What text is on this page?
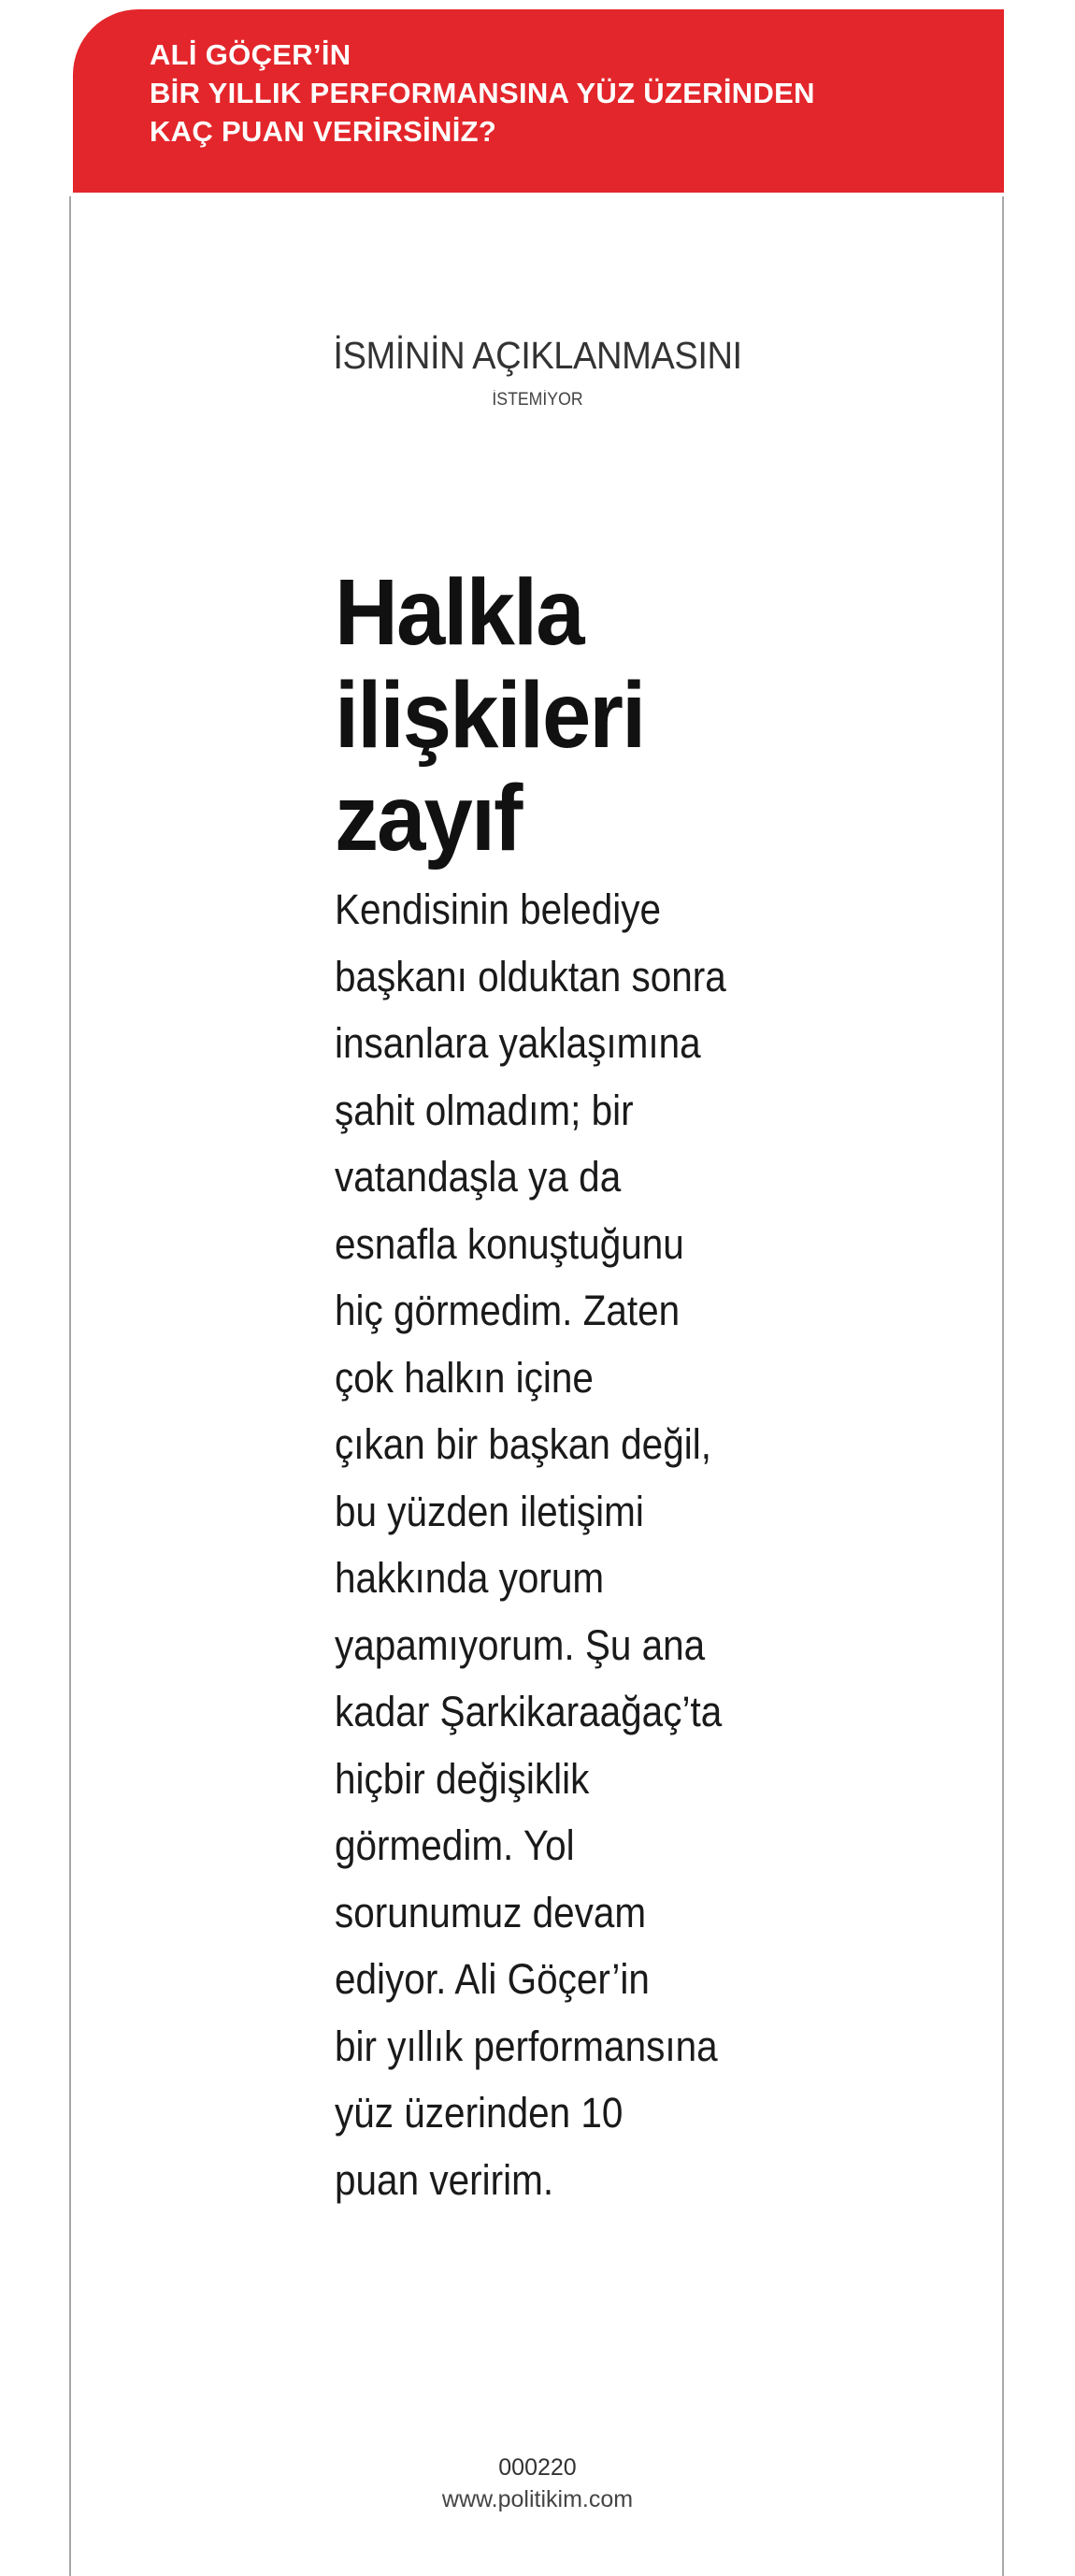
ALİ GÖÇER’İN
BİR YILLIK PERFORMANSINA YÜZ ÜZERİNDEN
KAÇ PUAN VERİRSİNİZ?
İSMİNİN AÇIKLANMASINI
İSTEMİYOR
Halkla
ilişkileri
zayıf
Kendisinin belediye
başkanı olduktan sonra
insanlara yaklaşımına
şahit olmadım; bir
vatandaşla ya da
esnafla konuştuğunu
hiç görmedim. Zaten
çok halkın içine
çıkan bir başkan değil,
bu yüzden iletişimi
hakkında yorum
yapamıyorum. Şu ana
kadar Şarkikaraağaç’ta
hiçbir değişiklik
görmedim. Yol
sorunumuz devam
ediyor. Ali Göçer’in
bir yıllık performansına
yüz üzerinden 10
puan veririm.
000220
www.politikim.com
